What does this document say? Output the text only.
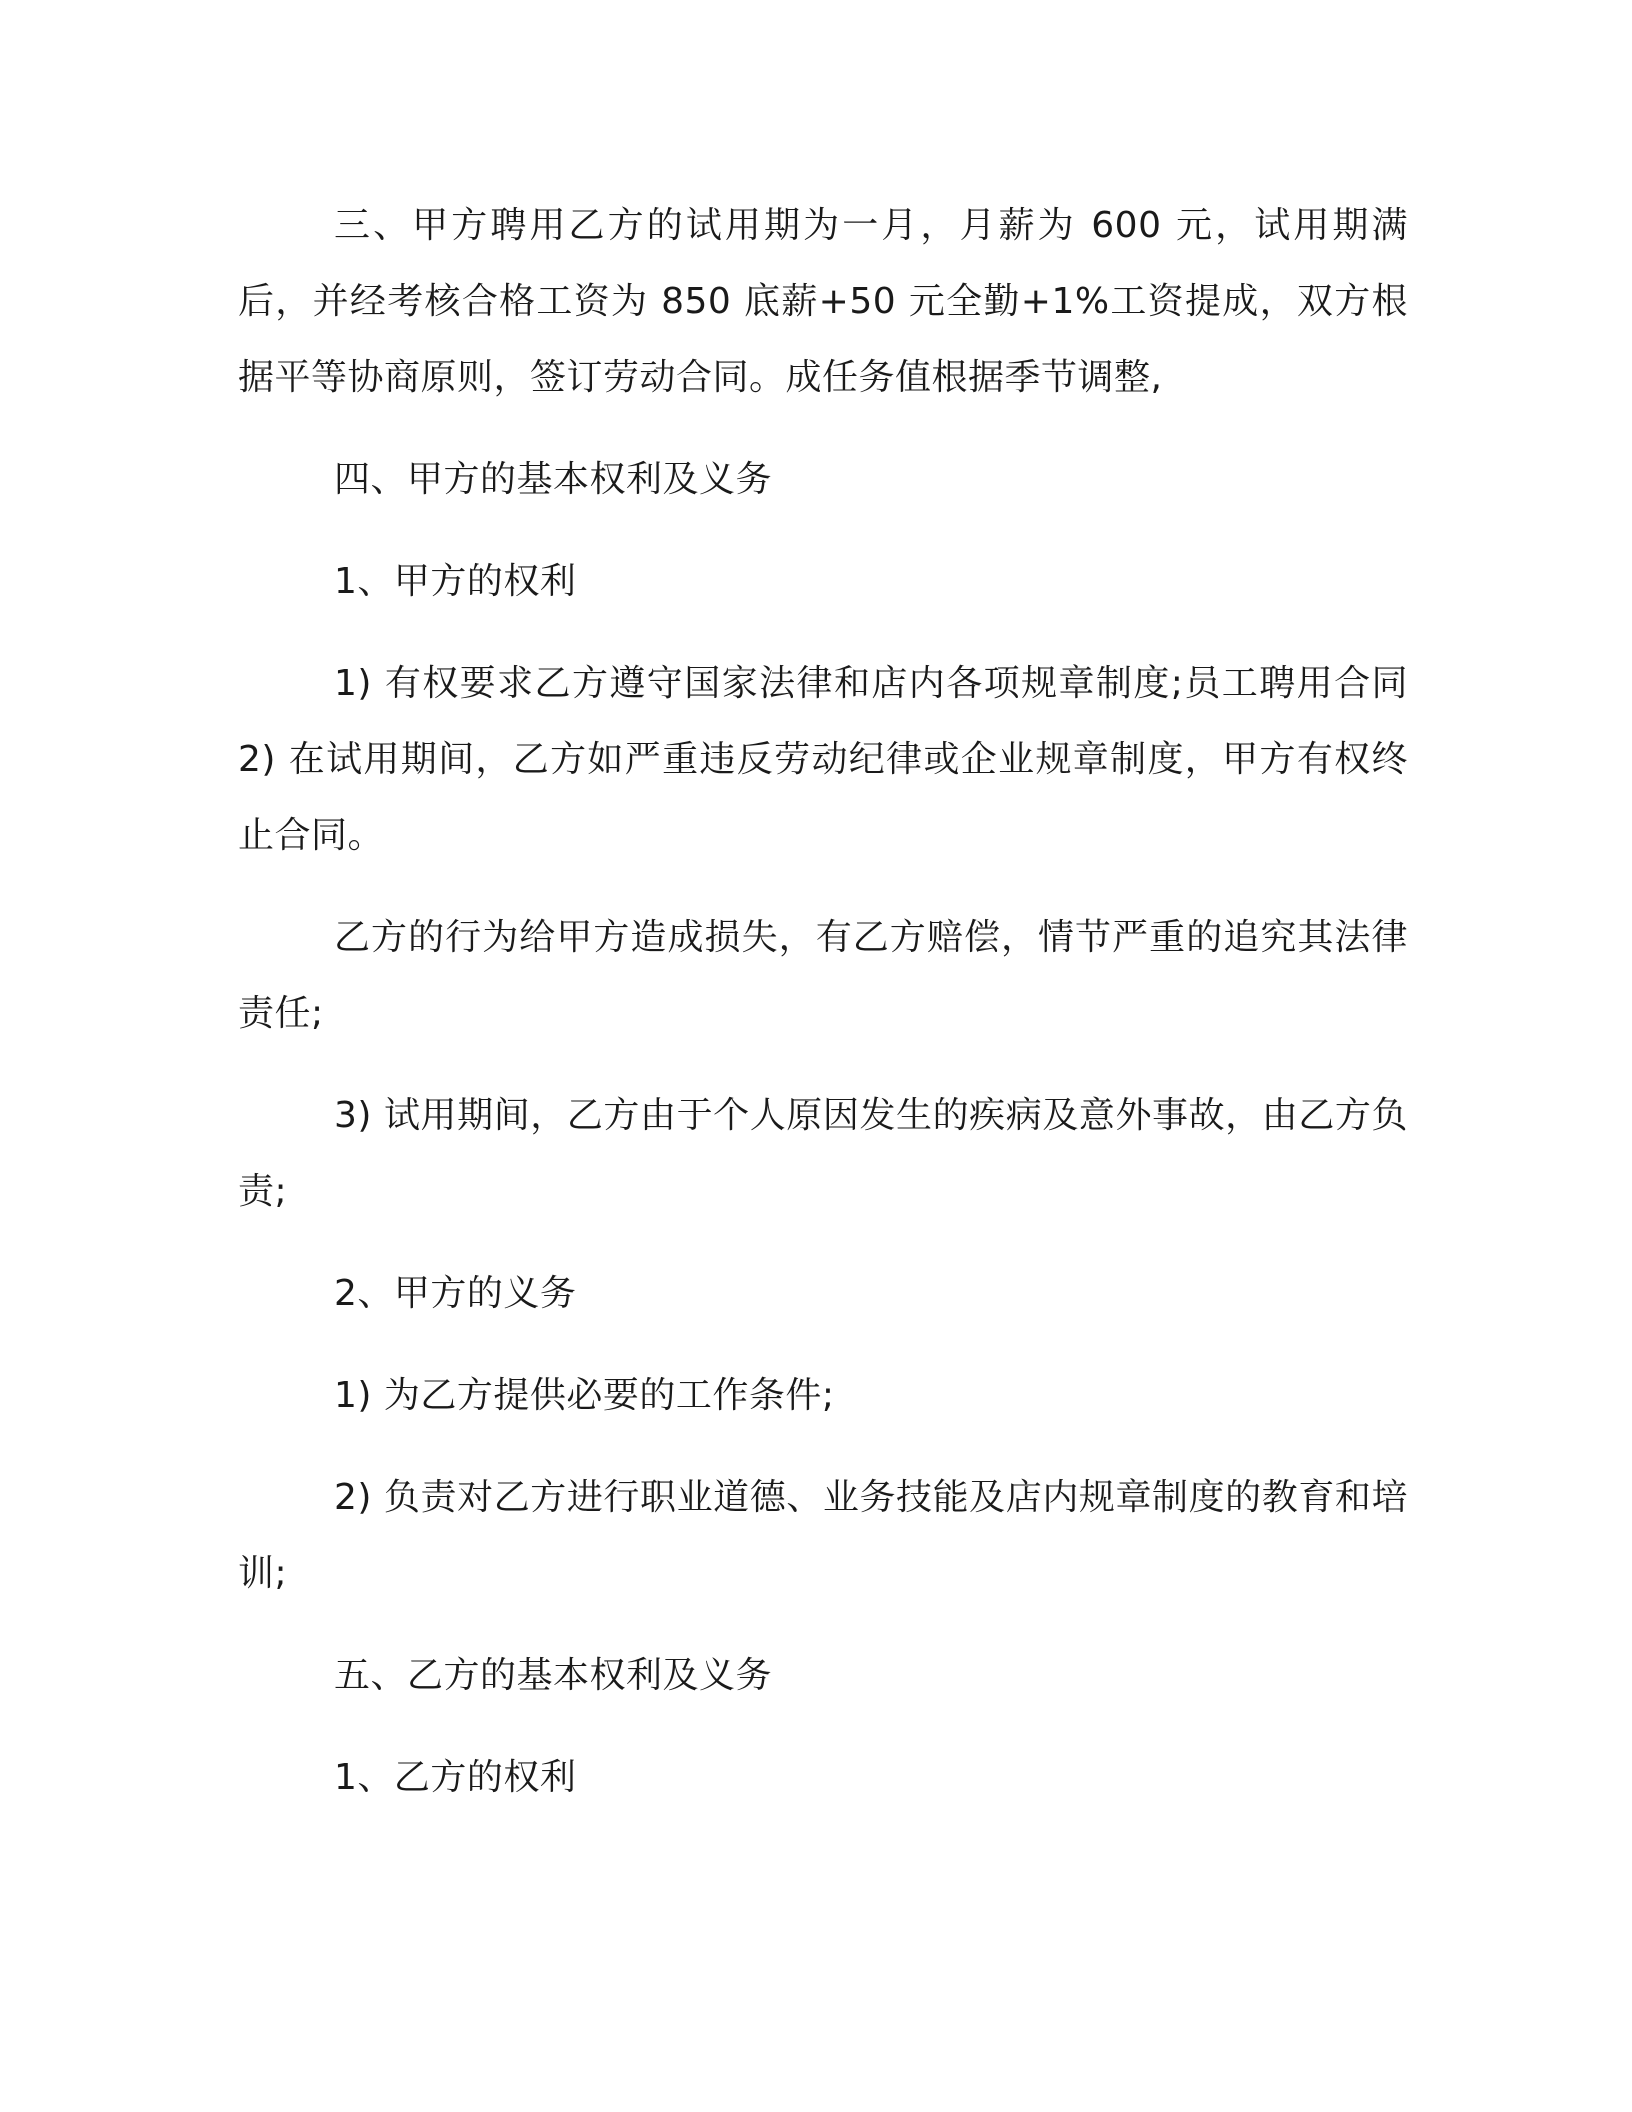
三、甲方聘用乙方的试用期为一月，月薪为 600 元，试用期满后，并经考核合格工资为 850 底薪+50 元全勤+1%工资提成，双方根据平等协商原则，签订劳动合同。成任务值根据季节调整,

四、甲方的基本权利及义务

1、甲方的权利

1) 有权要求乙方遵守国家法律和店内各项规章制度;员工聘用合同 2) 在试用期间，乙方如严重违反劳动纪律或企业规章制度，甲方有权终止合同。

乙方的行为给甲方造成损失，有乙方赔偿，情节严重的追究其法律责任;

3) 试用期间，乙方由于个人原因发生的疾病及意外事故，由乙方负责;

2、甲方的义务

1) 为乙方提供必要的工作条件;

2) 负责对乙方进行职业道德、业务技能及店内规章制度的教育和培训;

五、乙方的基本权利及义务

1、乙方的权利
